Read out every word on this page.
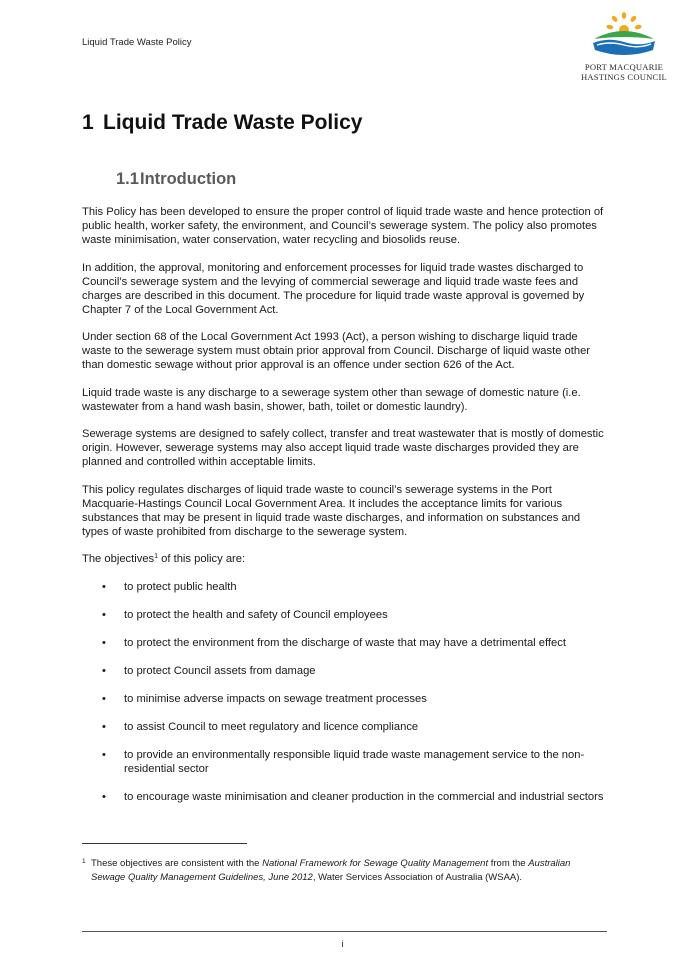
Liquid Trade Waste Policy
PORT MACQUARIE
HASTINGS COUNCIL
1 Liquid Trade Waste Policy
1.1Introduction

This Policy has been developed to ensure the proper control of liquid trade waste and hence protection of public health, worker safety, the environment, and Council’s sewerage system. The policy also promotes waste minimisation, water conservation, water recycling and biosolids reuse.

In addition, the approval, monitoring and enforcement processes for liquid trade wastes discharged to Council’s sewerage system and the levying of commercial sewerage and liquid trade waste fees and charges are described in this document. The procedure for liquid trade waste approval is governed by Chapter 7 of the Local Government Act.

Under section 68 of the Local Government Act 1993 (Act), a person wishing to discharge liquid trade waste to the sewerage system must obtain prior approval from Council. Discharge of liquid waste other than domestic sewage without prior approval is an offence under section 626 of the Act.

Liquid trade waste is any discharge to a sewerage system other than sewage of domestic nature (i.e. wastewater from a hand wash basin, shower, bath, toilet or domestic laundry).

Sewerage systems are designed to safely collect, transfer and treat wastewater that is mostly of domestic origin. However, sewerage systems may also accept liquid trade waste discharges provided they are planned and controlled within acceptable limits.

This policy regulates discharges of liquid trade waste to council’s sewerage systems in the Port Macquarie-Hastings Council Local Government Area. It includes the acceptance limits for various substances that may be present in liquid trade waste discharges, and information on substances and types of waste prohibited from discharge to the sewerage system.

The objectives$^1$ of this policy are:

• to protect public health
• to protect the health and safety of Council employees
• to protect the environment from the discharge of waste that may have a detrimental effect
• to protect Council assets from damage
• to minimise adverse impacts on sewage treatment processes
• to assist Council to meet regulatory and licence compliance
• to provide an environmentally responsible liquid trade waste management service to the non-residential sector
• to encourage waste minimisation and cleaner production in the commercial and industrial sectors
1 These objectives are consistent with the National Framework for Sewage Quality Management from the Australian Sewage Quality Management Guidelines, June 2012, Water Services Association of Australia (WSAA).
i
